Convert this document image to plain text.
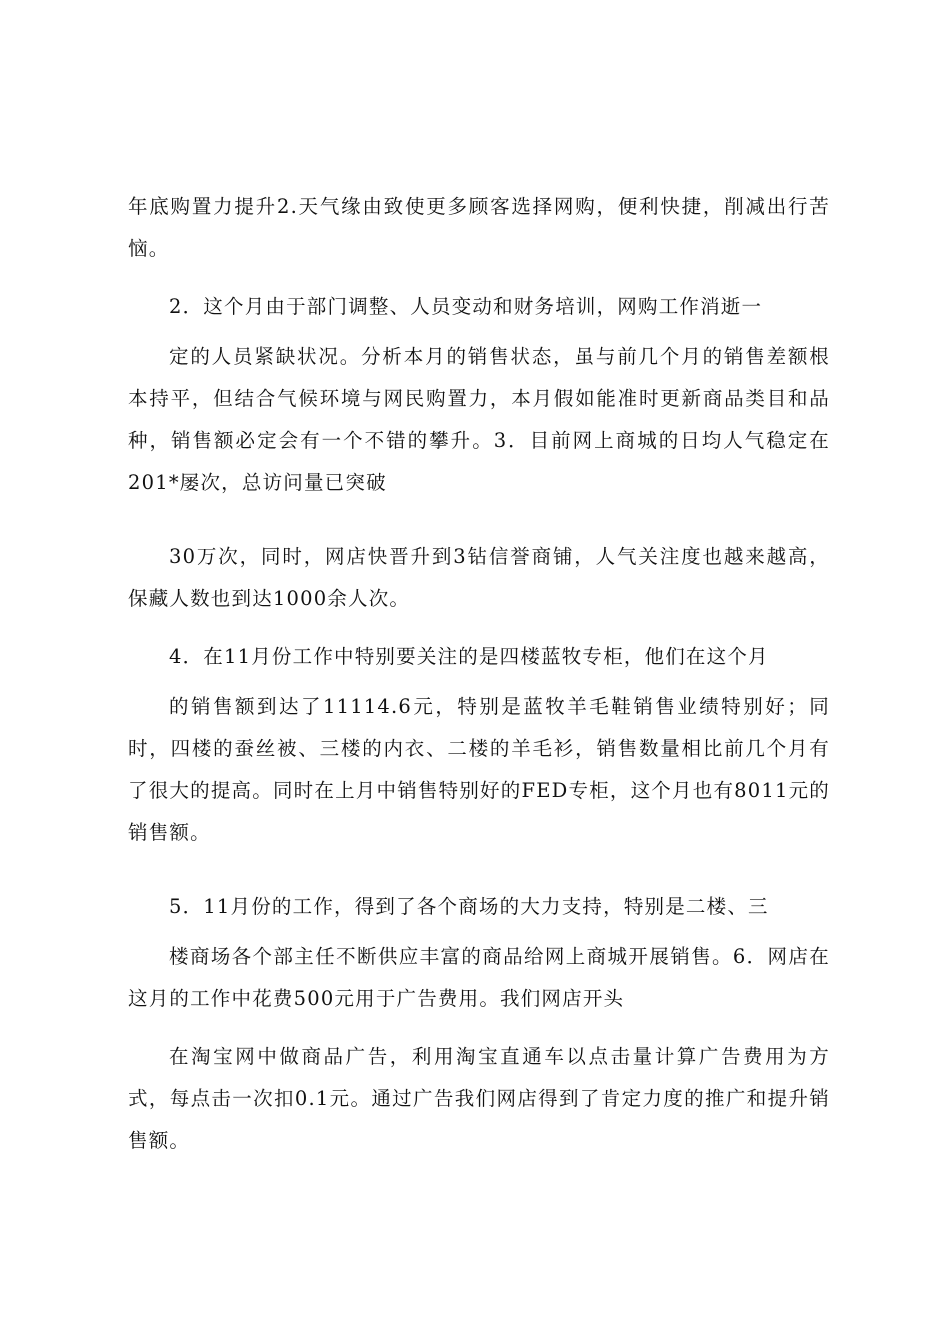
年底购置力提升2.天气缘由致使更多顾客选择网购，便利快捷，削减出行苦恼。

2．这个月由于部门调整、人员变动和财务培训，网购工作消逝一

定的人员紧缺状况。分析本月的销售状态，虽与前几个月的销售差额根本持平，但结合气候环境与网民购置力，本月假如能准时更新商品类目和品种，销售额必定会有一个不错的攀升。3．目前网上商城的日均人气稳定在201*屡次，总访问量已突破

30万次，同时，网店快晋升到3钻信誉商铺，人气关注度也越来越高，保藏人数也到达1000余人次。

4．在11月份工作中特别要关注的是四楼蓝牧专柜，他们在这个月

的销售额到达了11114.6元，特别是蓝牧羊毛鞋销售业绩特别好；同时，四楼的蚕丝被、三楼的内衣、二楼的羊毛衫，销售数量相比前几个月有了很大的提高。同时在上月中销售特别好的FED专柜，这个月也有8011元的销售额。

5．11月份的工作，得到了各个商场的大力支持，特别是二楼、三

楼商场各个部主任不断供应丰富的商品给网上商城开展销售。6．网店在这月的工作中花费500元用于广告费用。我们网店开头

在淘宝网中做商品广告，利用淘宝直通车以点击量计算广告费用为方式，每点击一次扣0.1元。通过广告我们网店得到了肯定力度的推广和提升销售额。
